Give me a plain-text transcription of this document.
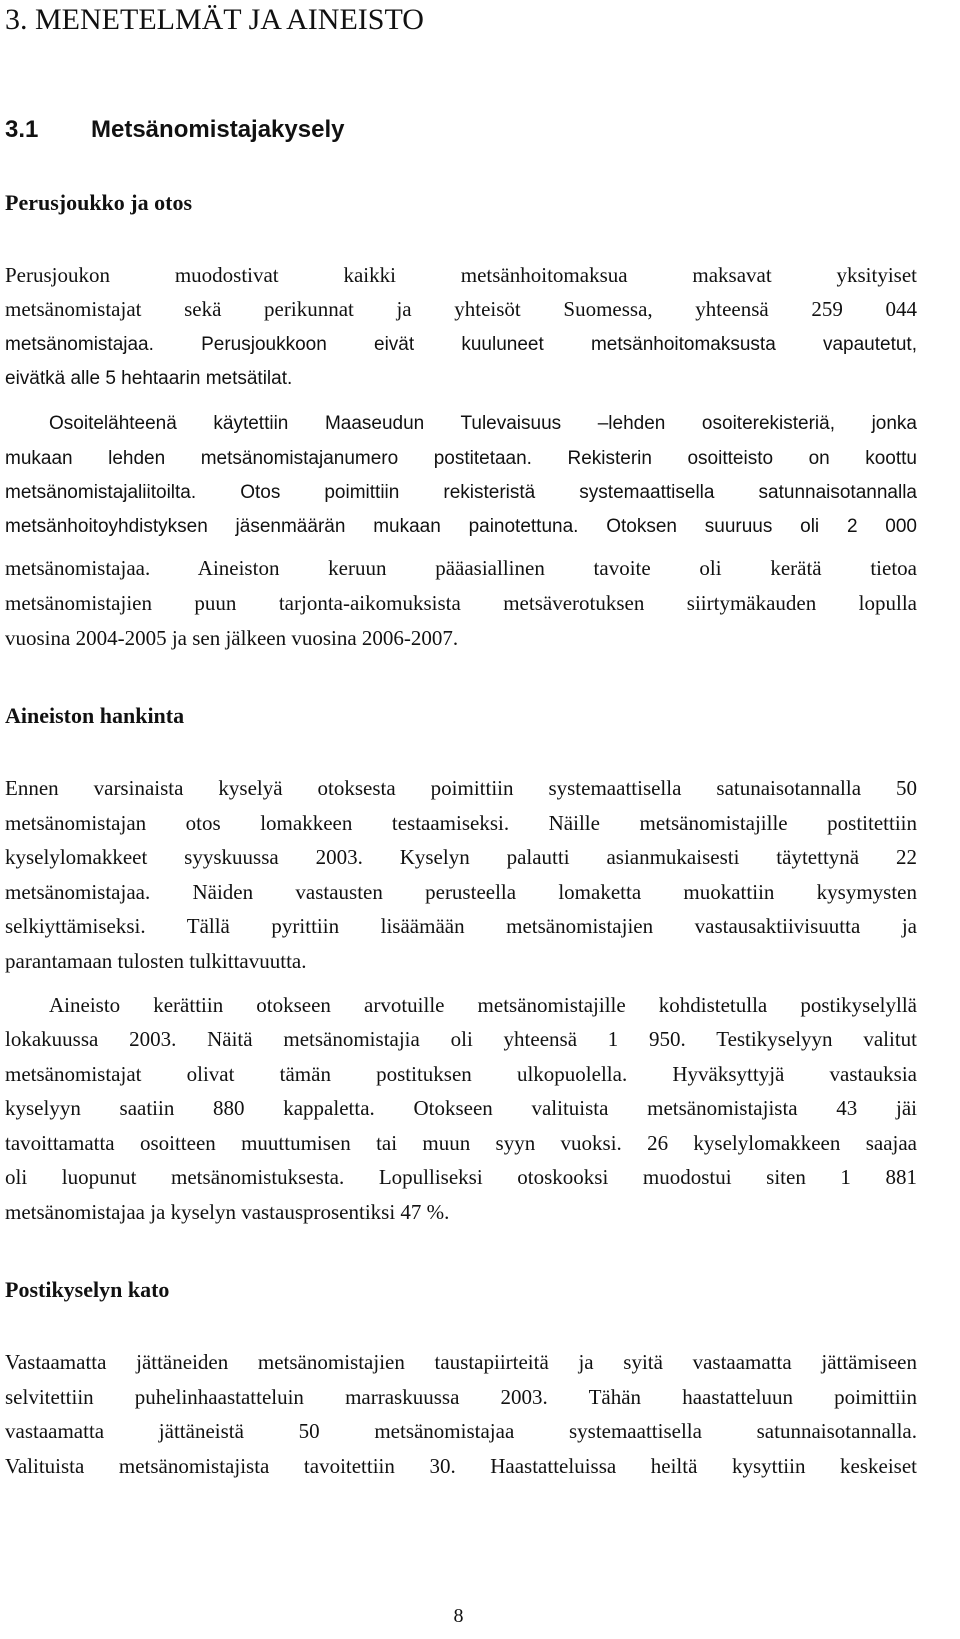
3. MENETELMÄT JA AINEISTO
3.1 Metsänomistajakysely
Perusjoukko ja otos

Perusjoukon muodostivat kaikki metsänhoitomaksua maksavat yksityiset

metsänomistajat sekä perikunnat ja yhteisöt Suomessa, yhteensä 259 044

metsänomistajaa. Perusjoukkoon eivät kuuluneet metsänhoitomaksusta vapautetut,

eivätkä alle 5 hehtaarin metsätilat.

Osoitelähteenä käytettiin Maaseudun Tulevaisuus –lehden osoiterekisteriä, jonka

mukaan lehden metsänomistajanumero postitetaan. Rekisterin osoitteisto on koottu

metsänomistajaliitoilta. Otos poimittiin rekisteristä systemaattisella satunnaisotannalla

metsänhoitoyhdistyksen jäsenmäärän mukaan painotettuna. Otoksen suuruus oli 2 000

metsänomistajaa. Aineiston keruun pääasiallinen tavoite oli kerätä tietoa

metsänomistajien puun tarjonta-aikomuksista metsäverotuksen siirtymäkauden lopulla

vuosina 2004-2005 ja sen jälkeen vuosina 2006-2007.

Aineiston hankinta

Ennen varsinaista kyselyä otoksesta poimittiin systemaattisella satunaisotannalla 50

metsänomistajan otos lomakkeen testaamiseksi. Näille metsänomistajille postitettiin

kyselylomakkeet syyskuussa 2003. Kyselyn palautti asianmukaisesti täytettynä 22

metsänomistajaa. Näiden vastausten perusteella lomaketta muokattiin kysymysten

selkiyttämiseksi. Tällä pyrittiin lisäämään metsänomistajien vastausaktiivisuutta ja

parantamaan tulosten tulkittavuutta.

Aineisto kerättiin otokseen arvotuille metsänomistajille kohdistetulla postikyselyllä

lokakuussa 2003. Näitä metsänomistajia oli yhteensä 1 950. Testikyselyyn valitut

metsänomistajat olivat tämän postituksen ulkopuolella. Hyväksyttyjä vastauksia

kyselyyn saatiin 880 kappaletta. Otokseen valituista metsänomistajista 43 jäi

tavoittamatta osoitteen muuttumisen tai muun syyn vuoksi. 26 kyselylomakkeen saajaa

oli luopunut metsänomistuksesta. Lopulliseksi otoskooksi muodostui siten 1 881

metsänomistajaa ja kyselyn vastausprosentiksi 47 %.

Postikyselyn kato

Vastaamatta jättäneiden metsänomistajien taustapiirteitä ja syitä vastaamatta jättämiseen

selvitettiin puhelinhaastatteluin marraskuussa 2003. Tähän haastatteluun poimittiin

vastaamatta jättäneistä 50 metsänomistajaa systemaattisella satunnaisotannalla.

Valituista metsänomistajista tavoitettiin 30. Haastatteluissa heiltä kysyttiin keskeiset

8
